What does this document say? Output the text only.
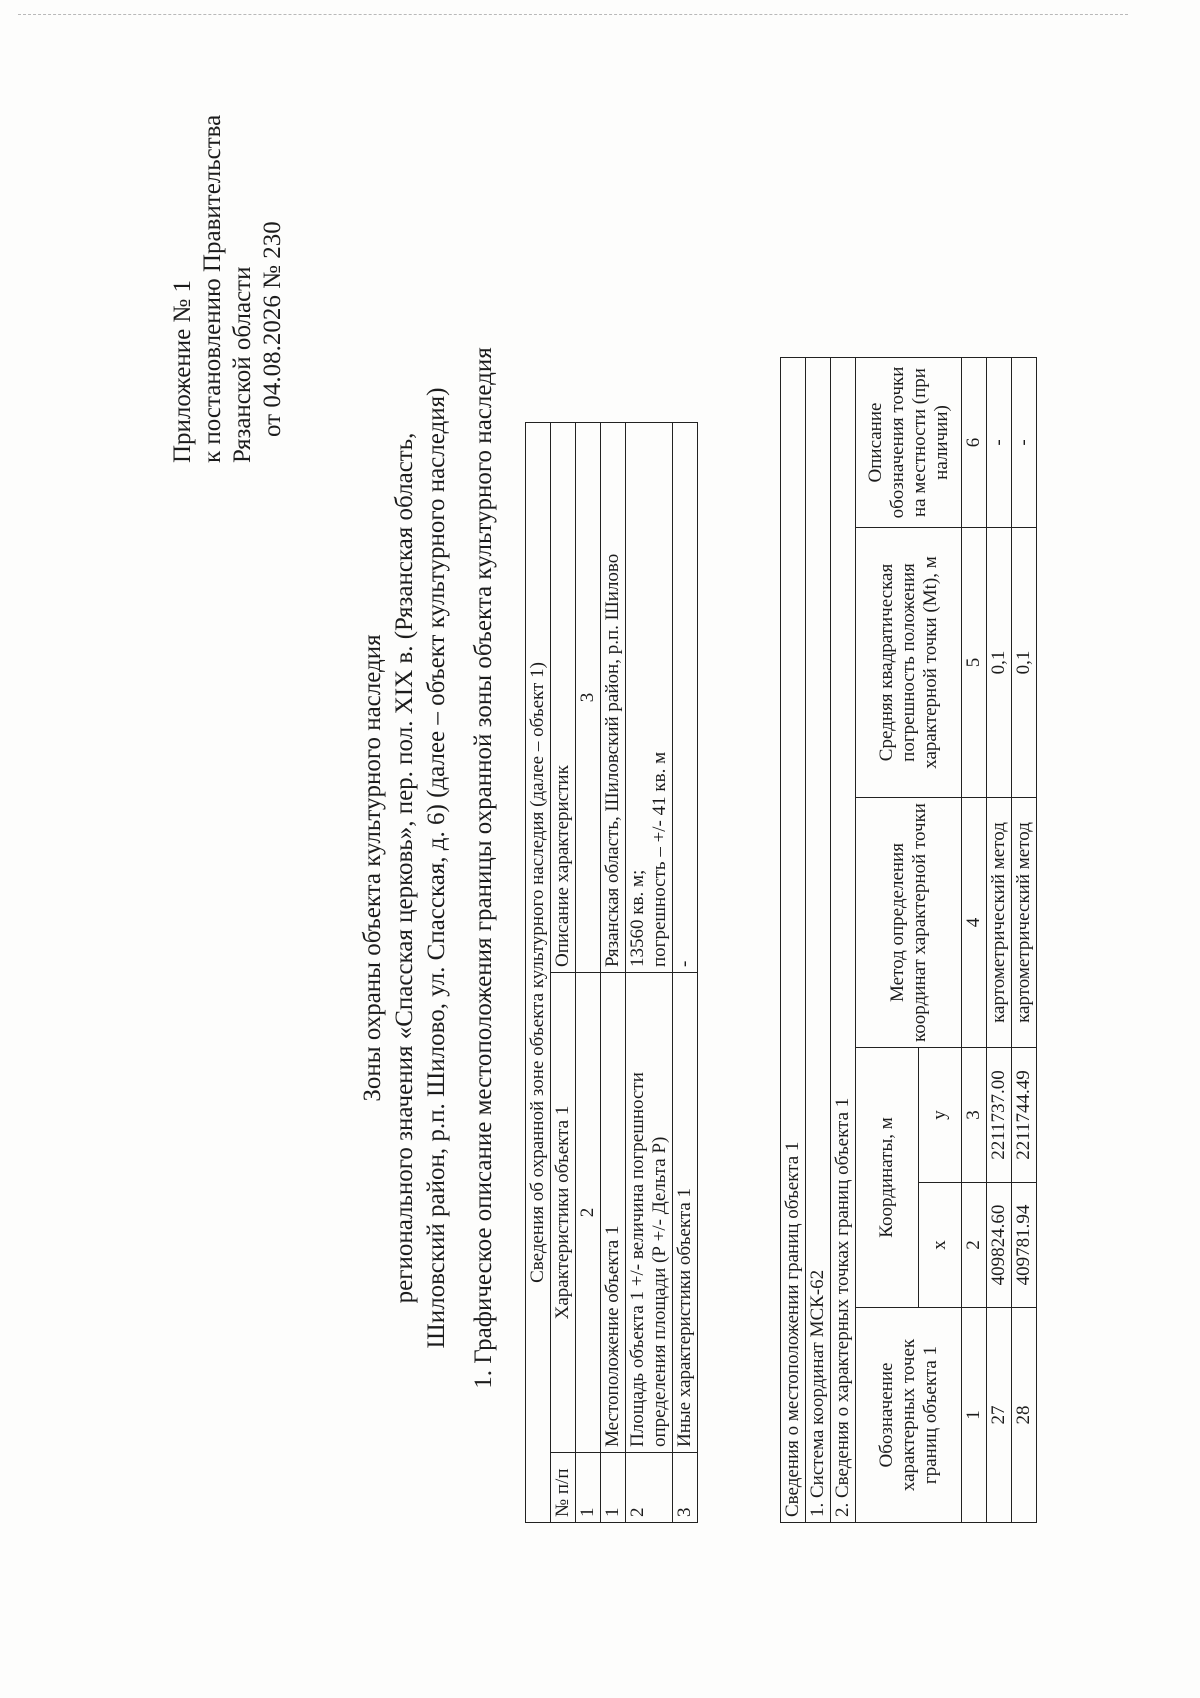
Приложение № 1 к постановлению Правительства Рязанской области от 04.08.2026 № 230
Зоны охраны объекта культурного наследия регионального значения «Спасская церковь», пер. пол. XIX в. (Рязанская область, Шиловский район, р.п. Шилово, ул. Спасская, д. 6) (далее – объект культурного наследия) 1. Графическое описание местоположения границы охранной зоны объекта культурного наследия Сведения об охранной зоне объекта культурного наследия (далее – объект 1)		
№ п/п	Характеристики объекта 1	Описание характеристик
1	2	3
1	Местоположение объекта 1	Рязанская область, Шиловский район, р.п. Шилово
2	Площадь объекта 1 +/- величина погрешности определения площади (Р +/- Дельта Р)	13560 кв. м; погрешность – +/- 41 кв. м

3	Иные характеристики объекта 1	-
Сведения о местоположении границ объекта 1					
1. Система координат МСК-62					
2. Сведения о характерных точках границ объекта 1					
Обозначение характерных точек границ объекта 1	Координаты, м		Метод определения координат характерной точки	Средняя квадратическая погрешность положения характерной точки (Mt), м	Описание обозначения точки на местности (при наличии)
	x	у			
1	2	3	4	5	6
27	409824.60	2211737.00	картометрический метод	0,1	-
28	409781.94	2211744.49	картометрический метод	0,1	-
